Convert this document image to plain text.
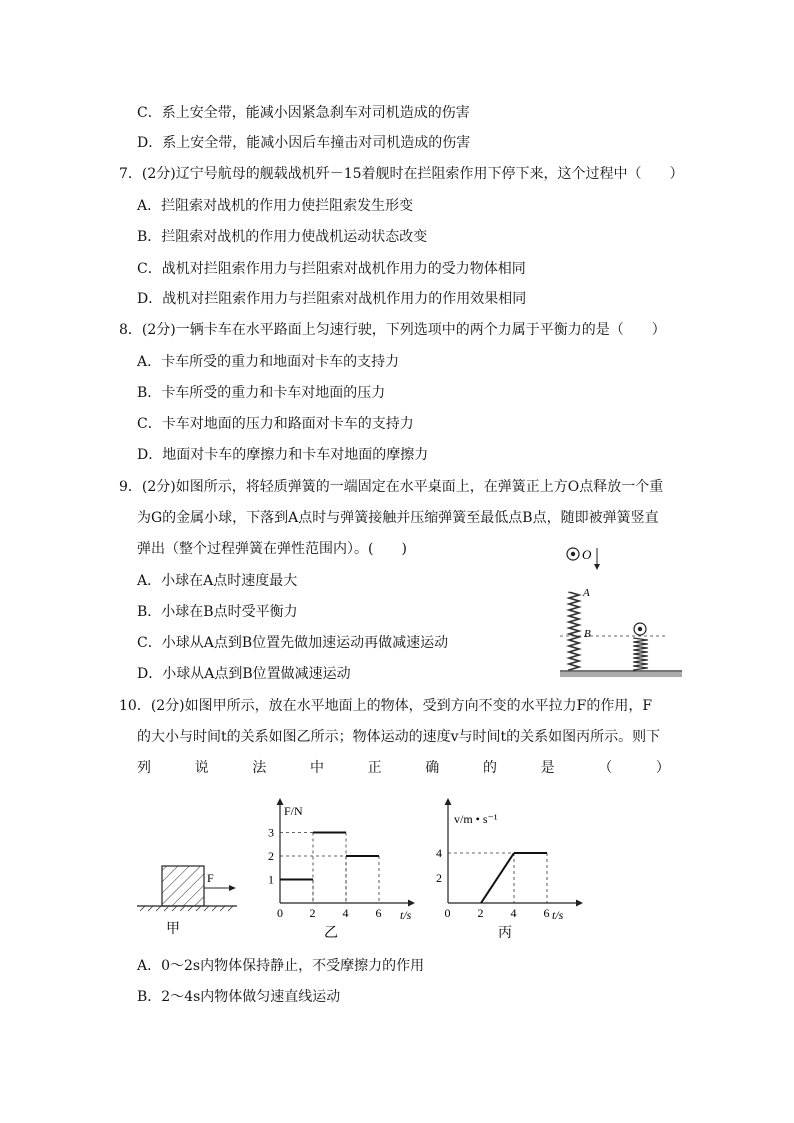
C．系上安全带，能减小因紧急刹车对司机造成的伤害
D．系上安全带，能减小因后车撞击对司机造成的伤害
7．(2分)辽宁号航母的舰载战机歼－15着舰时在拦阻索作用下停下来，这个过程中（　　）
A．拦阻索对战机的作用力使拦阻索发生形变
B．拦阻索对战机的作用力使战机运动状态改变
C．战机对拦阻索作用力与拦阻索对战机作用力的受力物体相同
D．战机对拦阻索作用力与拦阻索对战机作用力的作用效果相同
8．(2分)一辆卡车在水平路面上匀速行驶，下列选项中的两个力属于平衡力的是（　　）
A．卡车所受的重力和地面对卡车的支持力
B．卡车所受的重力和卡车对地面的压力
C．卡车对地面的压力和路面对卡车的支持力
D．地面对卡车的摩擦力和卡车对地面的摩擦力
9．(2分)如图所示，将轻质弹簧的一端固定在水平桌面上，在弹簧正上方O点释放一个重
为G的金属小球，下落到A点时与弹簧接触并压缩弹簧至最低点B点，随即被弹簧竖直
弹出（整个过程弹簧在弹性范围内）。(　　)
A．小球在A点时速度最大
B．小球在B点时受平衡力
C．小球从A点到B位置先做加速运动再做减速运动
D．小球从A点到B位置做减速运动
O
A
B
10．(2分)如图甲所示，放在水平地面上的物体，受到方向不变的水平拉力F的作用，F
的大小与时间t的关系如图乙所示；物体运动的速度v与时间t的关系如图丙所示。则下
列	说	法	中	正	确	的	是	（	）
F
甲
F/N
t/s
0 2 4 6
1
2
3
乙
v/m • s⁻¹
t/s
0 2 4 6
2
4
丙
A．0～2s内物体保持静止，不受摩擦力的作用
B．2～4s内物体做匀速直线运动
